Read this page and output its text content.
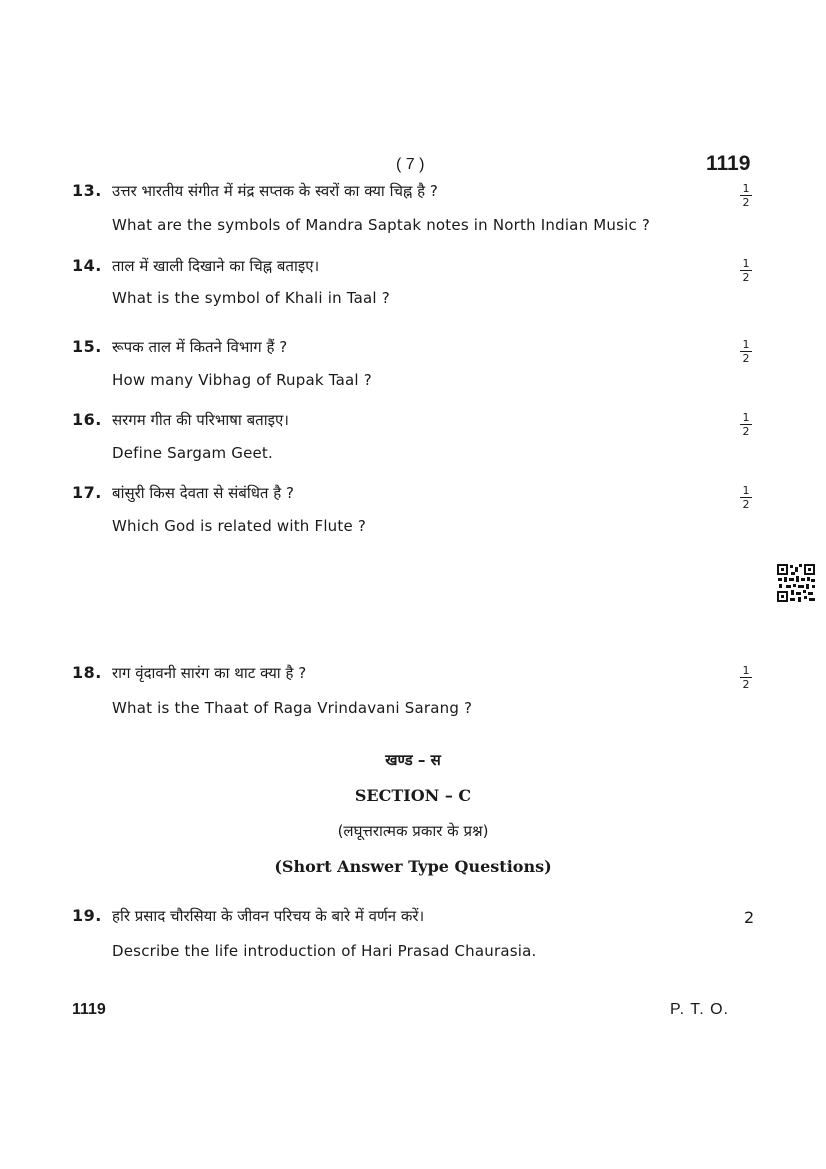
( 7 )	1119
13. उत्तर भारतीय संगीत में मंद्र सप्तक के स्वरों का क्या चिह्न है ?
What are the symbols of Mandra Saptak notes in North Indian Music ?
$\frac{1}{2}$
14. ताल में खाली दिखाने का चिह्न बताइए।
What is the symbol of Khali in Taal ?
$\frac{1}{2}$
15. रूपक ताल में कितने विभाग हैं ?
How many Vibhag of Rupak Taal ?
$\frac{1}{2}$
16. सरगम गीत की परिभाषा बताइए।
Define Sargam Geet.
$\frac{1}{2}$
17. बांसुरी किस देवता से संबंधित है ?
Which God is related with Flute ?
$\frac{1}{2}$
18. राग वृंदावनी सारंग का थाट क्या है ?
What is the Thaat of Raga Vrindavani Sarang ?
$\frac{1}{2}$
खण्ड – स
SECTION – C
(लघूत्तरात्मक प्रकार के प्रश्न)
(Short Answer Type Questions)
19. हरि प्रसाद चौरसिया के जीवन परिचय के बारे में वर्णन करें।
Describe the life introduction of Hari Prasad Chaurasia.
2
1119	P. T. O.
